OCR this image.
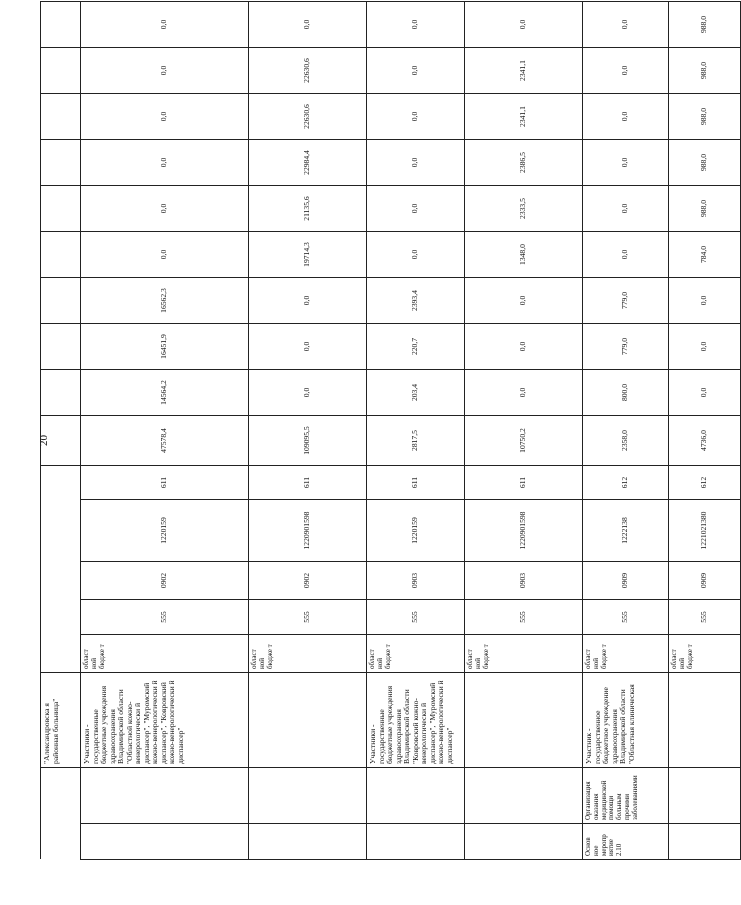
20
		"Александровска я районная больница"															
		Участники - государственные бюджетные учреждения здравоохранения Владимирской области "Областной кожно-венерологически й диспансер", "Муромский кожно-венерологически й диспансер", "Ковровский кожно-венерологически й диспансер"	област ной бюдже т	555	0902	1220159	611	47578,4	14564,2	16451,9	16562,3	0,0	0,0	0,0	0,0	0,0	0,0
			област ной бюдже т	555	0902	1220901598	611	109095,5	0,0	0,0	0,0	19714,3	21135,6	22984,4	22630,6	22630,6	0,0
		Участники - государственные бюджетные учреждения здравоохранения Владимирской области "Ковровский кожно-венерологически й диспансер", "Муромский кожно-венерологически й диспансер"	област ной бюдже т	555	0903	1220159	611	2817,5	203,4	220,7	2393,4	0,0	0,0	0,0	0,0	0,0	0,0
			област ной бюдже т	555	0903	1220901598	611	10750,2	0,0	0,0	0,0	1348,0	2333,5	2386,5	2341,1	2341,1	0,0
Основ ное меропр иятие 2.10	Организация оказания медицинской помощи больным прочими заболеваниями	Участник - государственное бюджетное учреждение здравоохранения Владимирской области "Областная клиническая	област ной бюдже т	555	0909	1222138	612	2358,0	800,0	779,0	779,0	0,0	0,0	0,0	0,0	0,0	0,0
			област ной бюдже т	555	0909	1221021380	612	4736,0	0,0	0,0	0,0	784,0	988,0	988,0	988,0	988,0	988,0
